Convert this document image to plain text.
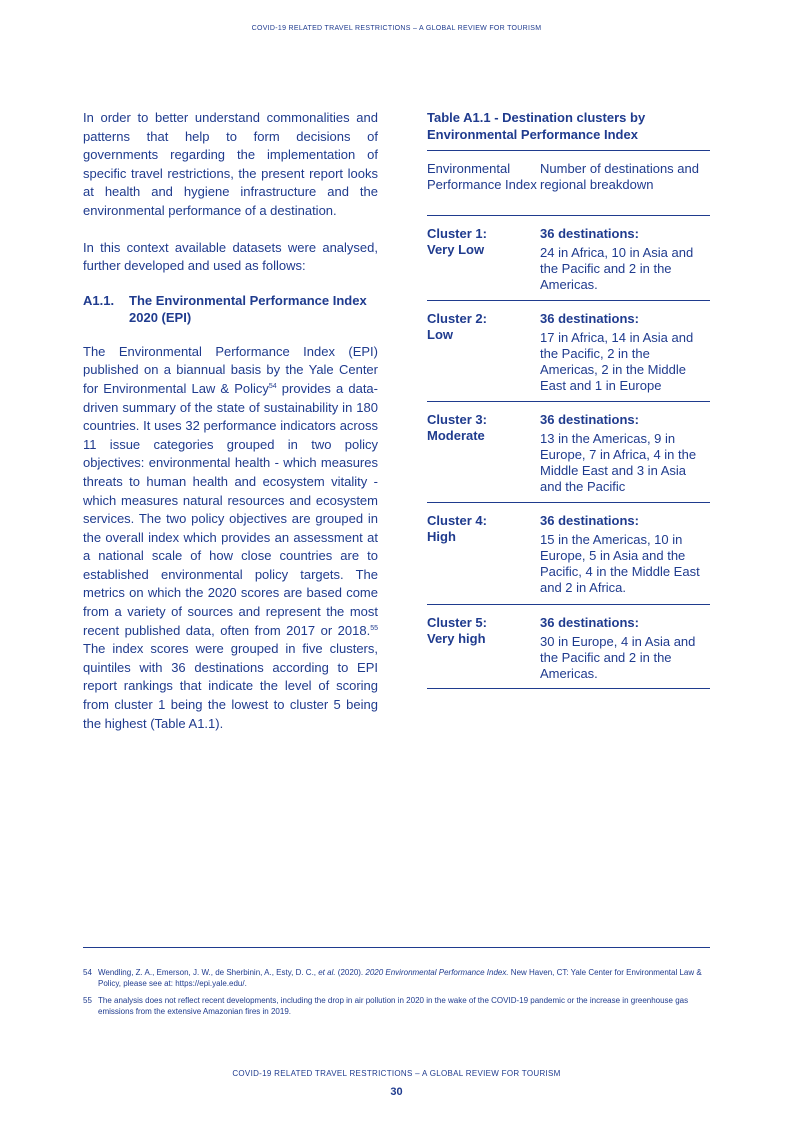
COVID-19 RELATED TRAVEL RESTRICTIONS – A GLOBAL REVIEW FOR TOURISM

In order to better understand commonalities and patterns that help to form decisions of governments regarding the implementation of specific travel restrictions, the present report looks at health and hygiene infrastructure and the environmental performance of a destination.

In this context available datasets were analysed, further developed and used as follows:

A1.1.	The Environmental Performance Index 2020 (EPI)

The Environmental Performance Index (EPI) published on a biannual basis by the Yale Center for Environmental Law & Policy$^{54}$ provides a data-driven summary of the state of sustainability in 180 countries. It uses 32 performance indicators across 11 issue categories grouped in two policy objectives: environmental health - which measures threats to human health and ecosystem vitality - which measures natural resources and ecosystem services. The two policy objectives are grouped in the overall index which provides an assessment at a national scale of how close countries are to established environmental policy targets. The metrics on which the 2020 scores are based come from a variety of sources and represent the most recent published data, often from 2017 or 2018.55 The index scores were grouped in five clusters, quintiles with 36 destinations according to EPI report rankings that indicate the level of scoring from cluster 1 being the lowest to cluster 5 being the highest (Table A1.1).

Table A1.1 - Destination clusters by Environmental Performance Index
Environmental Performance Index
Number of destinations and regional breakdown
Cluster 1:
Very Low
36 destinations:
24 in Africa, 10 in Asia and the Pacific and 2 in the Americas.
Cluster 2:
Low
36 destinations:
17 in Africa, 14 in Asia and the Pacific, 2 in the Americas, 2 in the Middle East and 1 in Europe
Cluster 3:
Moderate
36 destinations:
13 in the Americas, 9 in Europe, 7 in Africa, 4 in the Middle East and 3 in Asia and the Pacific
Cluster 4:
High
36 destinations:
15 in the Americas, 10 in Europe, 5 in Asia and the Pacific, 4 in the Middle East and 2 in Africa.
Cluster 5:
Very high
36 destinations:
30 in Europe, 4 in Asia and the Pacific and 2 in the Americas.
54 Wendling, Z. A., Emerson, J. W., de Sherbinin, A., Esty, D. C., et al. (2020). 2020 Environmental Performance Index. New Haven, CT: Yale Center for Environmental Law & Policy, please see at: https://epi.yale.edu/.
55 The analysis does not reflect recent developments, including the drop in air pollution in 2020 in the wake of the COVID-19 pandemic or the increase in greenhouse gas emissions from the extensive Amazonian fires in 2019.
COVID-19 RELATED TRAVEL RESTRICTIONS – A GLOBAL REVIEW FOR TOURISM
30
